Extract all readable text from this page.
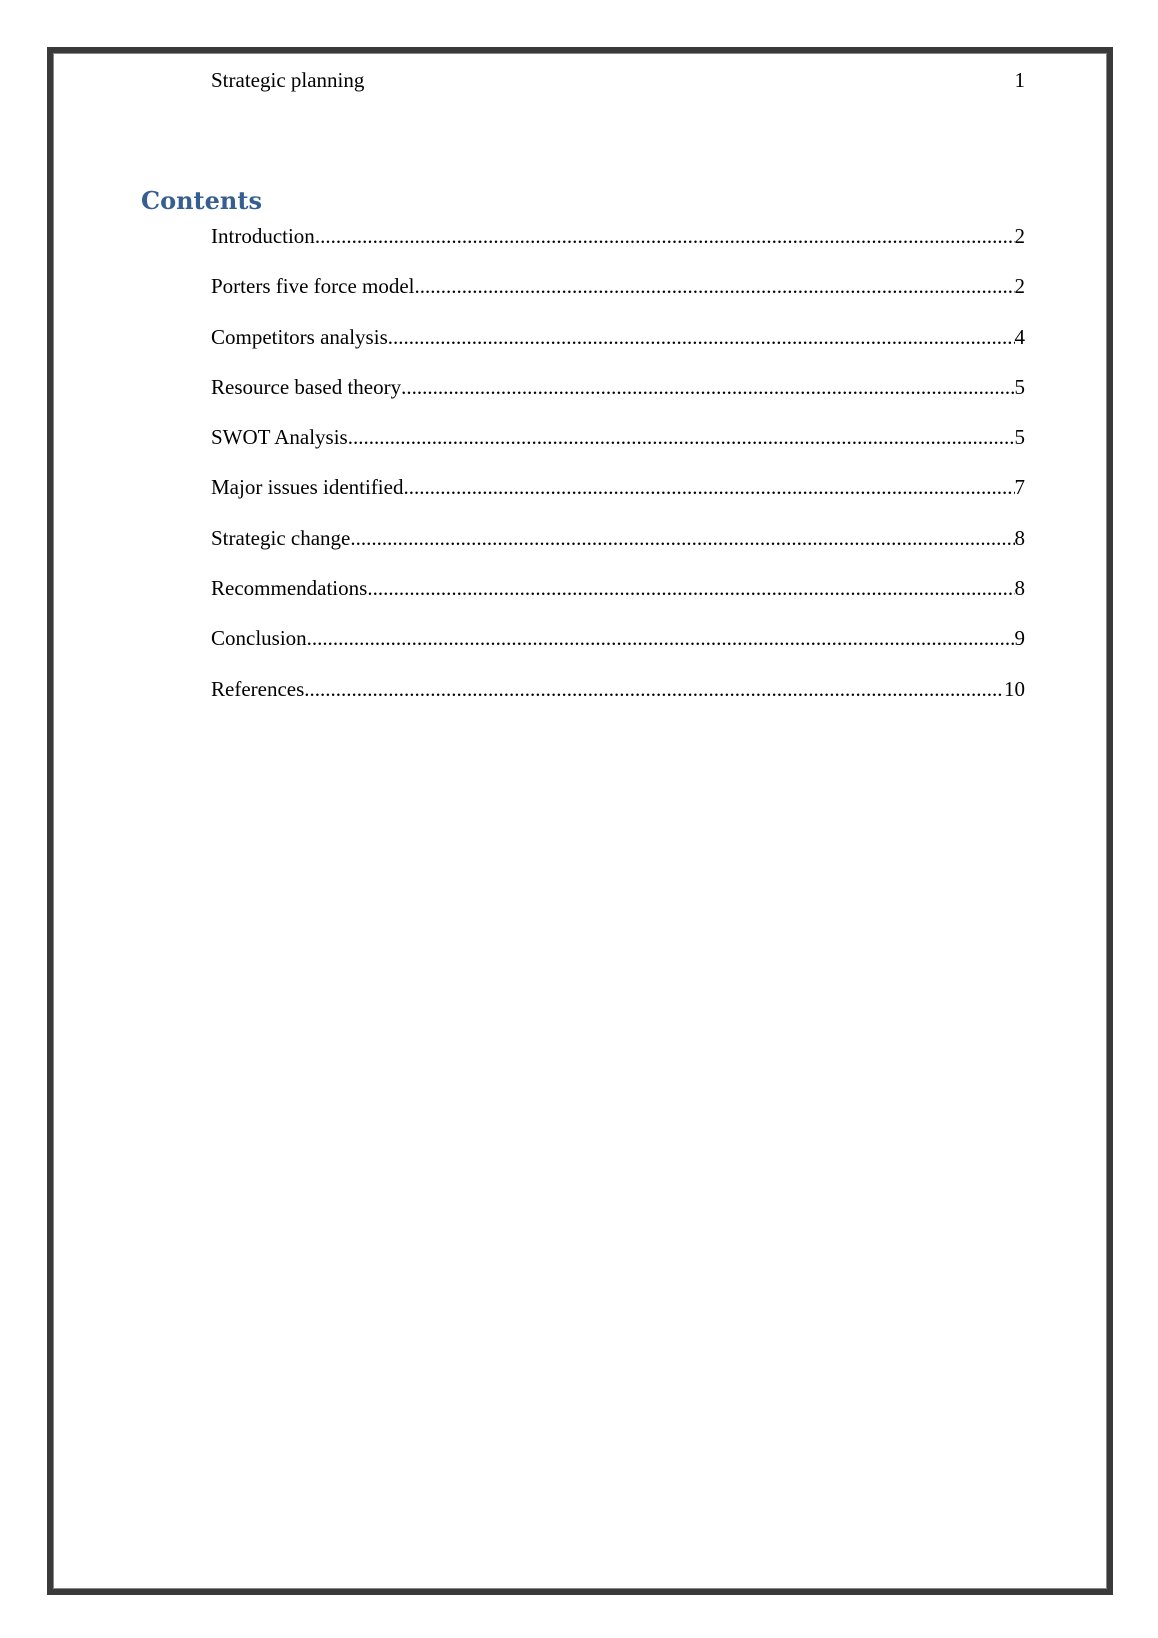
Strategic planning	1
Contents
Introduction .....	2
Porters five force model .....	2
Competitors analysis .....	4
Resource based theory .....	5
SWOT Analysis .....	5
Major issues identified .....	7
Strategic change .....	8
Recommendations .....	8
Conclusion .....	9
References .....	10
